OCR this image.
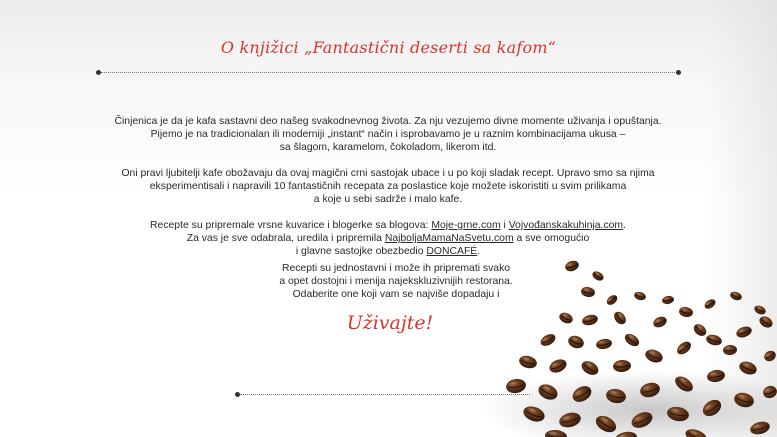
O knjižici „Fantastični deserti sa kafom“

Činjenica je da je kafa sastavni deo našeg svakodnevnog života. Za nju vezujemo divne momente uživanja i opuštanja.
Pijemo je na tradicionalan ili moderniji „instant“ način i isprobavamo je u raznim kombinacijama ukusa –
sa šlagom, karamelom, čokoladom, likerom itd.

Oni pravi ljubitelji kafe obožavaju da ovaj magični crni sastojak ubace i u po koji sladak recept. Upravo smo sa njima
eksperimentisali i napravili 10 fantastičnih recepata za poslastice koje možete iskoristiti u svim prilikama
a koje u sebi sadrže i malo kafe.

Recepte su pripremale vrsne kuvarice i blogerke sa blogova: Moje-grne.com i Vojvođanskakuhinja.com.
Za vas je sve odabrala, uredila i pripremila NajboljaMamaNaSvetu.com a sve omogućio
i glavne sastojke obezbedio DONCAFÉ.

Recepti su jednostavni i može ih pripremati svako
a opet dostojni i menija najekskluzivnijih restorana.
Odaberite one koji vam se najviše dopadaju i
Uživajte!
